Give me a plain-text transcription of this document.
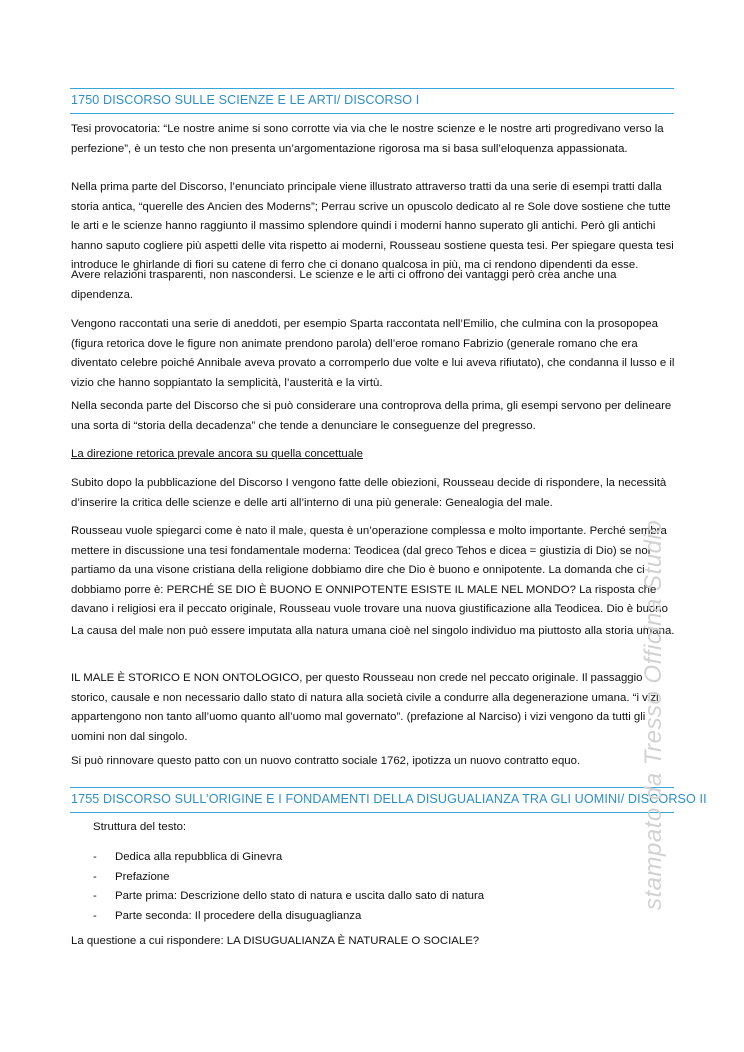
1750 DISCORSO SULLE SCIENZE E LE ARTI/ DISCORSO I
Tesi provocatoria: “Le nostre anime si sono corrotte via via che le nostre scienze e le nostre arti progredivano verso la perfezione”, è un testo che non presenta un’argomentazione rigorosa ma si basa sull’eloquenza appassionata.
Nella prima parte del Discorso, l’enunciato principale viene illustrato attraverso tratti da una serie di esempi tratti dalla storia antica, “querelle des Ancien des Moderns”; Perrau scrive un opuscolo dedicato al re Sole dove sostiene che tutte le arti e le scienze hanno raggiunto il massimo splendore quindi i moderni hanno superato gli antichi. Però gli antichi hanno saputo cogliere più aspetti delle vita rispetto ai moderni, Rousseau sostiene questa tesi. Per spiegare questa tesi introduce le ghirlande di fiori su catene di ferro che ci donano qualcosa in più, ma ci rendono dipendenti da esse.
Avere relazioni trasparenti, non nascondersi. Le scienze e le arti ci offrono dei vantaggi però crea anche una dipendenza.
Vengono raccontati una serie di aneddoti, per esempio Sparta raccontata nell’Emilio, che culmina con la prosopopea (figura retorica dove le figure non animate prendono parola) dell’eroe romano Fabrizio (generale romano che era diventato celebre poiché Annibale aveva provato a corromperlo due volte e lui aveva rifiutato), che condanna il lusso e il vizio che hanno soppiantato la semplicità, l’austerità e la virtù.
Nella seconda parte del Discorso che si può considerare una controprova della prima, gli esempi servono per delineare una sorta di “storia della decadenza” che tende a denunciare le conseguenze del pregresso.
La direzione retorica prevale ancora su quella concettuale
Subito dopo la pubblicazione del Discorso I vengono fatte delle obiezioni, Rousseau decide di rispondere, la necessità d’inserire la critica delle scienze e delle arti all’interno di una più generale: Genealogia del male.
Rousseau vuole spiegarci come è nato il male, questa è un’operazione complessa e molto importante. Perché sembra mettere in discussione una tesi fondamentale moderna: Teodicea (dal greco Tehos e dicea = giustizia di Dio) se noi partiamo da una visone cristiana della religione dobbiamo dire che Dio è buono e onnipotente. La domanda che ci dobbiamo porre è: PERCHÉ SE DIO È BUONO E ONNIPOTENTE ESISTE IL MALE NEL MONDO? La risposta che davano i religiosi era il peccato originale, Rousseau vuole trovare una nuova giustificazione alla Teodicea. Dio è buono
La causa del male non può essere imputata alla natura umana cioè nel singolo individuo ma piuttosto alla storia umana.
IL MALE È STORICO E NON ONTOLOGICO, per questo Rousseau non crede nel peccato originale. Il passaggio storico, causale e non necessario dallo stato di natura alla società civile a condurre alla degenerazione umana. “i vizi appartengono non tanto all’uomo quanto all’uomo mal governato”. (prefazione al Narciso) i vizi vengono da tutti gli uomini non dal singolo.
Si può rinnovare questo patto con un nuovo contratto sociale 1762, ipotizza un nuovo contratto equo.
1755 DISCORSO SULL’ORIGINE E I FONDAMENTI DELLA DISUGUALIANZA TRA GLI UOMINI/ DISCORSO II
Struttura del testo:
- Dedica alla repubblica di Ginevra
- Prefazione
- Parte prima: Descrizione dello stato di natura e uscita dallo sato di natura
- Parte seconda: Il procedere della disuguaglianza
La questione a cui rispondere: LA DISUGUALIANZA È NATURALE O SOCIALE?
stampato da Tresso Officina Studio
